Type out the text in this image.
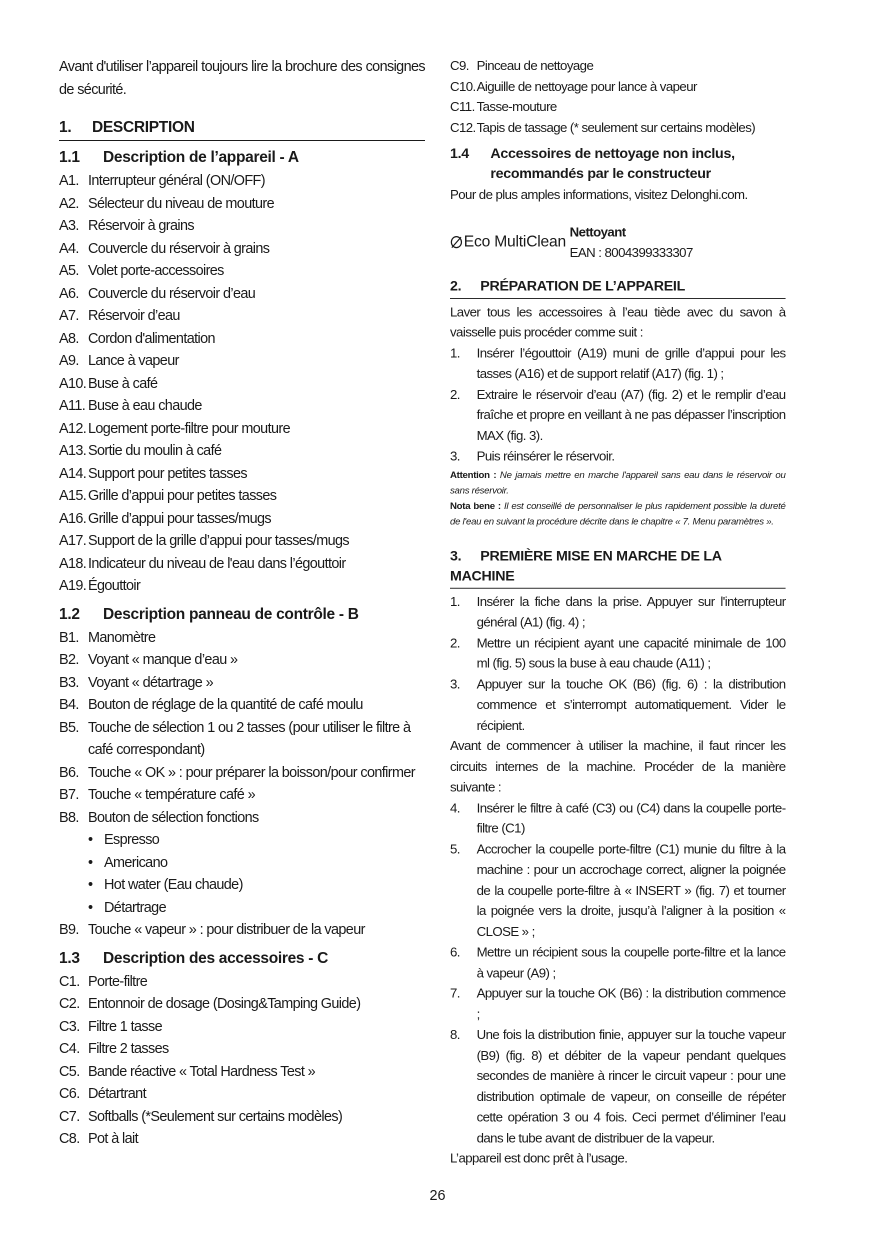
Avant d'utiliser l’appareil toujours lire la brochure des consignes de sécurité.

1. DESCRIPTION
1.1 Description de l’appareil - A
A1. Interrupteur général (ON/OFF)
A2. Sélecteur du niveau de mouture
A3. Réservoir à grains
A4. Couvercle du réservoir à grains
A5. Volet porte-accessoires
A6. Couvercle du réservoir d’eau
A7. Réservoir d’eau
A8. Cordon d'alimentation
A9. Lance à vapeur
A10. Buse à café
A11. Buse à eau chaude
A12. Logement porte-filtre pour mouture
A13. Sortie du moulin à café
A14. Support pour petites tasses
A15. Grille d’appui pour petites tasses
A16. Grille d’appui pour tasses/mugs
A17. Support de la grille d’appui pour tasses/mugs
A18. Indicateur du niveau de l'eau dans l’égouttoir
A19. Égouttoir
1.2 Description panneau de contrôle - B
B1. Manomètre
B2. Voyant « manque d’eau »
B3. Voyant « détartrage »
B4. Bouton de réglage de la quantité de café moulu
B5. Touche de sélection 1 ou 2 tasses (pour utiliser le filtre à café correspondant)
B6. Touche « OK » : pour préparer la boisson/pour confirmer
B7. Touche « température café »
B8. Bouton de sélection fonctions
• Espresso
• Americano
• Hot water (Eau chaude)
• Détartrage
B9. Touche « vapeur » : pour distribuer de la vapeur
1.3 Description des accessoires - C
C1. Porte-filtre
C2. Entonnoir de dosage (Dosing&Tamping Guide)
C3. Filtre 1 tasse
C4. Filtre 2 tasses
C5. Bande réactive « Total Hardness Test »
C6. Détartrant
C7. Softballs (*Seulement sur certains modèles)
C8. Pot à lait
C9. Pinceau de nettoyage
C10. Aiguille de nettoyage pour lance à vapeur
C11. Tasse-mouture
C12. Tapis de tassage (* seulement sur certains modèles)
1.4 Accessoires de nettoyage non inclus, recommandés par le constructeur

Pour de plus amples informations, visitez Delonghi.com.

Eco MultiClean Nettoyant
EAN : 8004399333307
2. PRÉPARATION DE L’APPAREIL

Laver tous les accessoires à l’eau tiède avec du savon à vaisselle puis procéder comme suit :

1.	Insérer l’égouttoir (A19) muni de grille d’appui pour les tasses (A16) et de support relatif (A17) (fig. 1) ;
2.	Extraire le réservoir d’eau (A7) (fig. 2) et le remplir d’eau fraîche et propre en veillant à ne pas dépasser l’inscription MAX (fig. 3).
3.	Puis réinsérer le réservoir.

Attention : Ne jamais mettre en marche l'appareil sans eau dans le réservoir ou sans réservoir.

Nota bene : Il est conseillé de personnaliser le plus rapidement possible la dureté de l'eau en suivant la procédure décrite dans le chapitre « 7. Menu paramètres ».

3. PREMIÈRE MISE EN MARCHE DE LA MACHINE
1.	Insérer la fiche dans la prise. Appuyer sur l'interrupteur général (A1) (fig. 4) ;
2.	Mettre un récipient ayant une capacité minimale de 100 ml (fig. 5) sous la buse à eau chaude (A11) ;
3.	Appuyer sur la touche OK (B6) (fig. 6) : la distribution commence et s’interrompt automatiquement. Vider le récipient.

Avant de commencer à utiliser la machine, il faut rincer les circuits internes de la machine. Procéder de la manière suivante :

4.	Insérer le filtre à café (C3) ou (C4) dans la coupelle porte-filtre (C1)
5.	Accrocher la coupelle porte-filtre (C1) munie du filtre à la machine : pour un accrochage correct, aligner la poignée de la coupelle porte-filtre à « INSERT » (fig. 7) et tourner la poignée vers la droite, jusqu’à l’aligner à la position « CLOSE » ;
6.	Mettre un récipient sous la coupelle porte-filtre et la lance à vapeur (A9) ;
7.	Appuyer sur la touche OK (B6) : la distribution commence ;
8.	Une fois la distribution finie, appuyer sur la touche vapeur (B9) (fig. 8) et débiter de la vapeur pendant quelques secondes de manière à rincer le circuit vapeur : pour une distribution optimale de vapeur, on conseille de répéter cette opération 3 ou 4 fois. Ceci permet d’éliminer l’eau dans le tube avant de distribuer de la vapeur.

L’appareil est donc prêt à l’usage.

26
